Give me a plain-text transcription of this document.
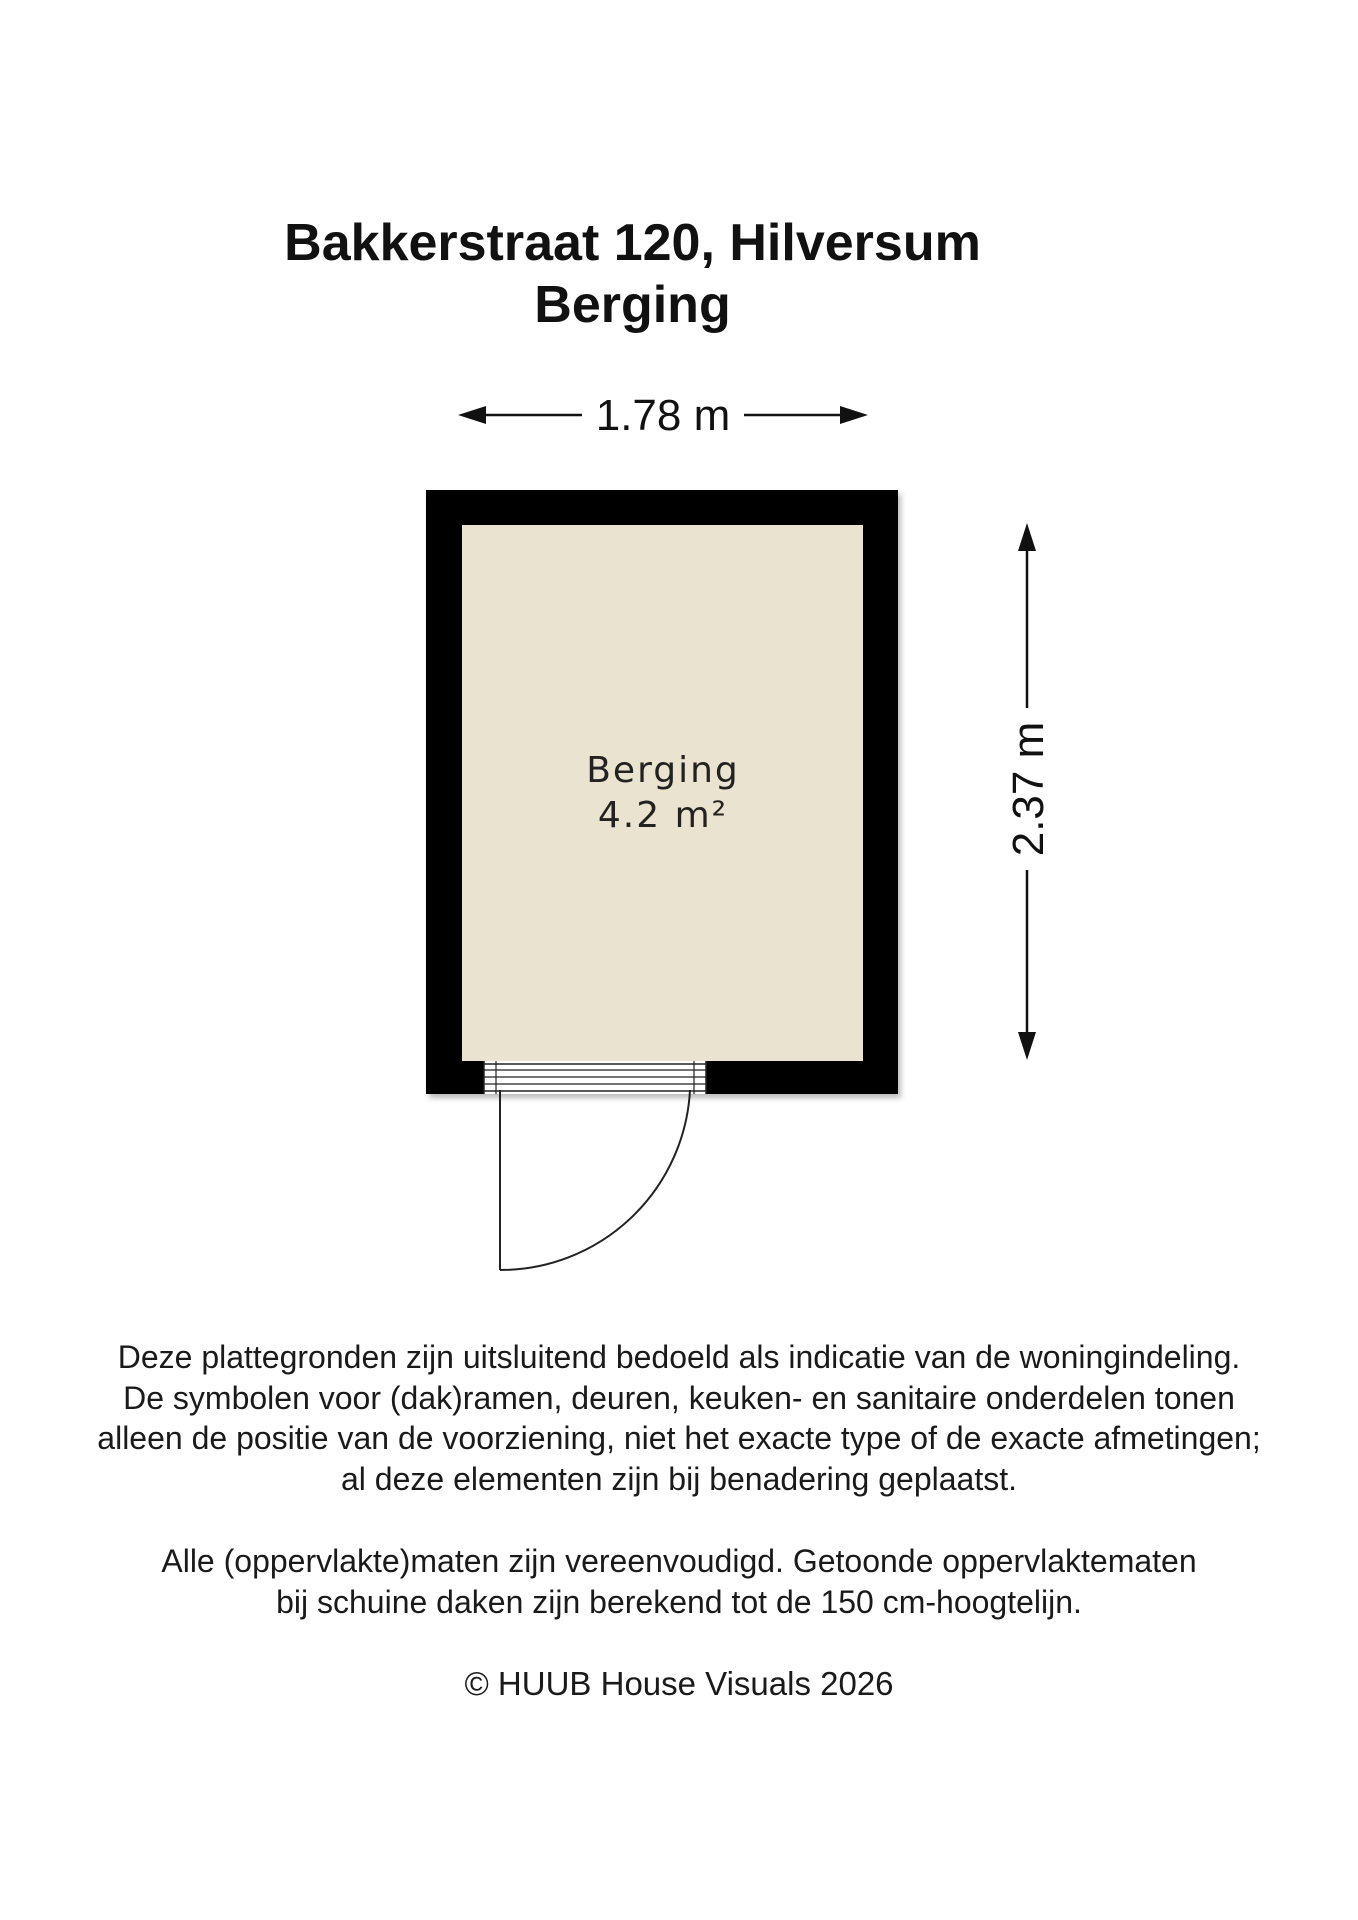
Bakkerstraat 120, Hilversum
Berging
1.78 m
2.37 m
Berging
4.2 m²
Deze plattegronden zijn uitsluitend bedoeld als indicatie van de woningindeling.
De symbolen voor (dak)ramen, deuren, keuken- en sanitaire onderdelen tonen
alleen de positie van de voorziening, niet het exacte type of de exacte afmetingen;
al deze elementen zijn bij benadering geplaatst.
Alle (oppervlakte)maten zijn vereenvoudigd. Getoonde oppervlaktematen
bij schuine daken zijn berekend tot de 150 cm-hoogtelijn.
© HUUB House Visuals 2026
